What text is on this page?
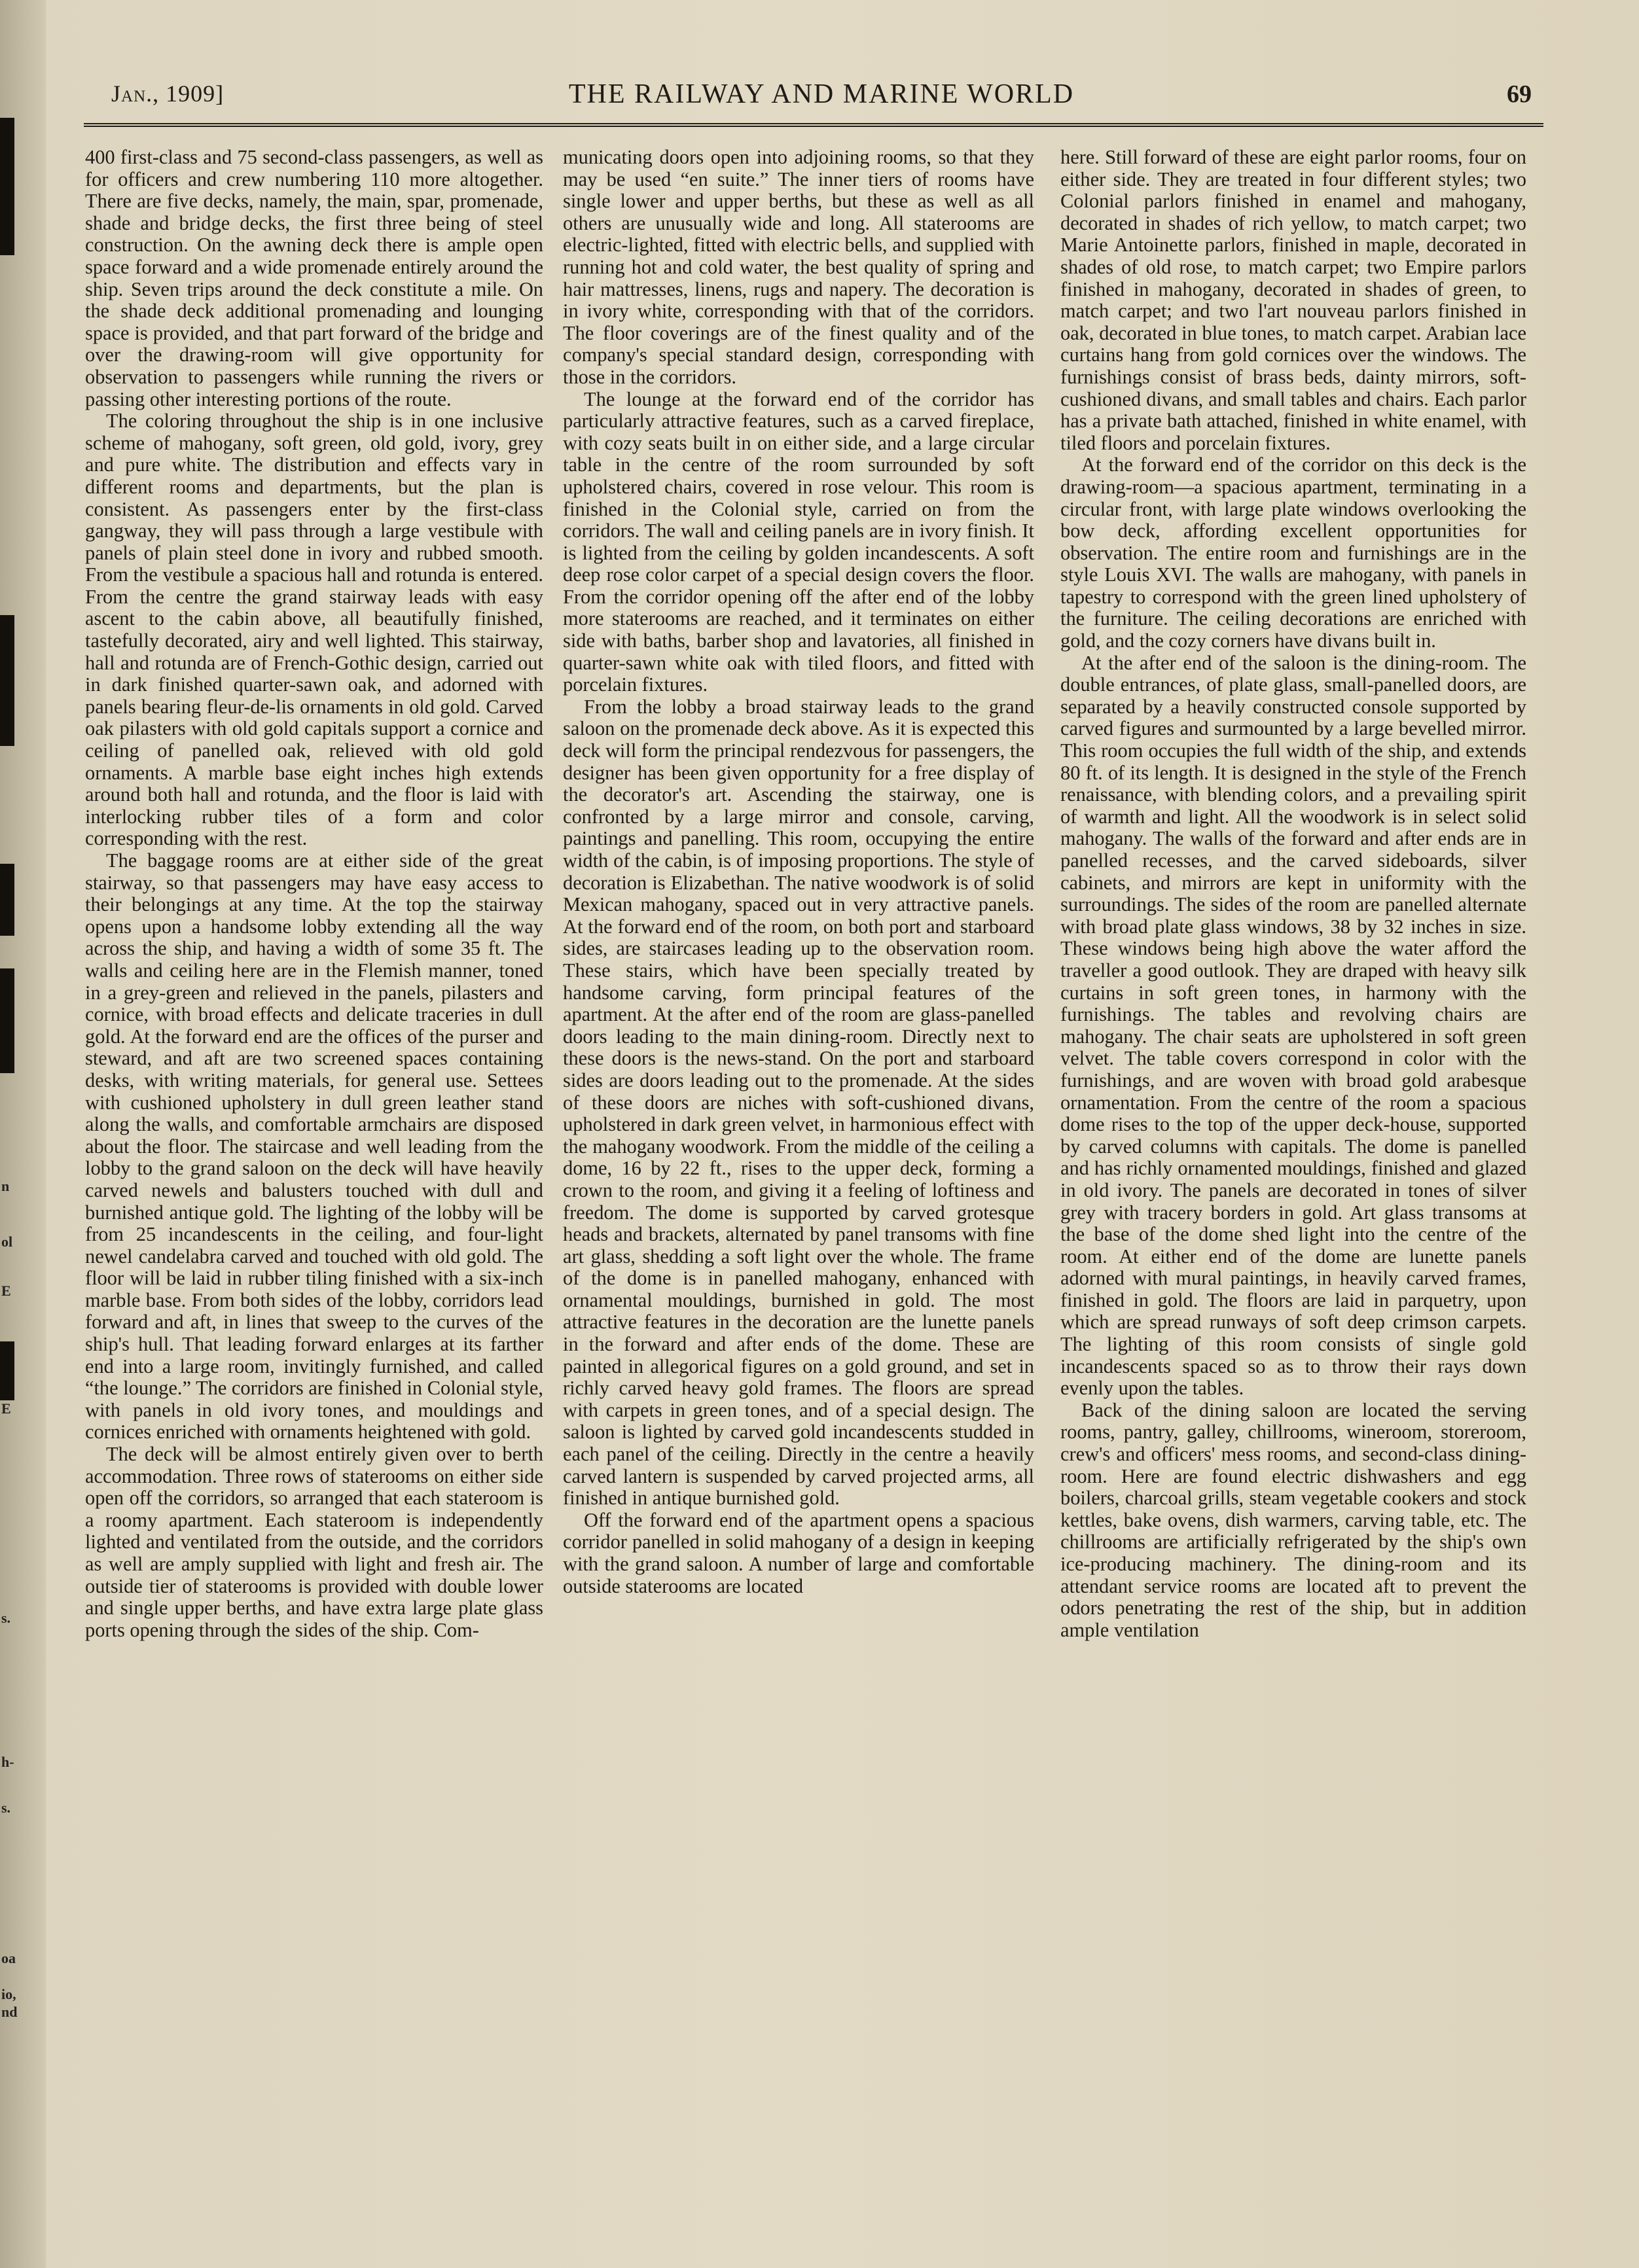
n
ol
E
E
s.
h-
s.
oa
io,
nd
Jan., 1909]	THE RAILWAY AND MARINE WORLD	69

400 first-class and 75 second-class passengers, as well as for officers and crew numbering 110 more altogether. There are five decks, namely, the main, spar, promenade, shade and bridge decks, the first three being of steel construction. On the awning deck there is ample open space forward and a wide promenade entirely around the ship. Seven trips around the deck constitute a mile. On the shade deck additional promenading and lounging space is provided, and that part forward of the bridge and over the drawing-room will give opportunity for observation to passengers while running the rivers or passing other interesting portions of the route.

The coloring throughout the ship is in one inclusive scheme of mahogany, soft green, old gold, ivory, grey and pure white. The distribution and effects vary in different rooms and departments, but the plan is consistent. As passengers enter by the first-class gangway, they will pass through a large vestibule with panels of plain steel done in ivory and rubbed smooth. From the vestibule a spacious hall and rotunda is entered. From the centre the grand stairway leads with easy ascent to the cabin above, all beautifully finished, tastefully decorated, airy and well lighted. This stairway, hall and rotunda are of French-Gothic design, carried out in dark finished quarter-sawn oak, and adorned with panels bearing fleur-de-lis ornaments in old gold. Carved oak pilasters with old gold capitals support a cornice and ceiling of panelled oak, relieved with old gold ornaments. A marble base eight inches high extends around both hall and rotunda, and the floor is laid with interlocking rubber tiles of a form and color corresponding with the rest.

The baggage rooms are at either side of the great stairway, so that passengers may have easy access to their belongings at any time. At the top the stairway opens upon a handsome lobby extending all the way across the ship, and having a width of some 35 ft. The walls and ceiling here are in the Flemish manner, toned in a grey-green and relieved in the panels, pilasters and cornice, with broad effects and delicate traceries in dull gold. At the forward end are the offices of the purser and steward, and aft are two screened spaces containing desks, with writing materials, for general use. Settees with cushioned upholstery in dull green leather stand along the walls, and comfortable armchairs are disposed about the floor. The staircase and well leading from the lobby to the grand saloon on the deck will have heavily carved newels and balusters touched with dull and burnished antique gold. The lighting of the lobby will be from 25 incandescents in the ceiling, and four-light newel candelabra carved and touched with old gold. The floor will be laid in rubber tiling finished with a six-inch marble base. From both sides of the lobby, corridors lead forward and aft, in lines that sweep to the curves of the ship's hull. That leading forward enlarges at its farther end into a large room, invitingly furnished, and called “the lounge.” The corridors are finished in Colonial style, with panels in old ivory tones, and mouldings and cornices enriched with ornaments heightened with gold.

The deck will be almost entirely given over to berth accommodation. Three rows of staterooms on either side open off the corridors, so arranged that each stateroom is a roomy apartment. Each stateroom is independently lighted and ventilated from the outside, and the corridors as well are amply supplied with light and fresh air. The outside tier of staterooms is provided with double lower and single upper berths, and have extra large plate glass ports opening through the sides of the ship. Com-

municating doors open into adjoining rooms, so that they may be used “en suite.” The inner tiers of rooms have single lower and upper berths, but these as well as all others are unusually wide and long. All staterooms are electric-lighted, fitted with electric bells, and supplied with running hot and cold water, the best quality of spring and hair mattresses, linens, rugs and napery. The decoration is in ivory white, corresponding with that of the corridors. The floor coverings are of the finest quality and of the company's special standard design, corresponding with those in the corridors.

The lounge at the forward end of the corridor has particularly attractive features, such as a carved fireplace, with cozy seats built in on either side, and a large circular table in the centre of the room surrounded by soft upholstered chairs, covered in rose velour. This room is finished in the Colonial style, carried on from the corridors. The wall and ceiling panels are in ivory finish. It is lighted from the ceiling by golden incandescents. A soft deep rose color carpet of a special design covers the floor. From the corridor opening off the after end of the lobby more staterooms are reached, and it terminates on either side with baths, barber shop and lavatories, all finished in quarter-sawn white oak with tiled floors, and fitted with porcelain fixtures.

From the lobby a broad stairway leads to the grand saloon on the promenade deck above. As it is expected this deck will form the principal rendezvous for passengers, the designer has been given opportunity for a free display of the decorator's art. Ascending the stairway, one is confronted by a large mirror and console, carving, paintings and panelling. This room, occupying the entire width of the cabin, is of imposing proportions. The style of decoration is Elizabethan. The native woodwork is of solid Mexican mahogany, spaced out in very attractive panels. At the forward end of the room, on both port and starboard sides, are staircases leading up to the observation room. These stairs, which have been specially treated by handsome carving, form principal features of the apartment. At the after end of the room are glass-panelled doors leading to the main dining-room. Directly next to these doors is the news-stand. On the port and starboard sides are doors leading out to the promenade. At the sides of these doors are niches with soft-cushioned divans, upholstered in dark green velvet, in harmonious effect with the mahogany woodwork. From the middle of the ceiling a dome, 16 by 22 ft., rises to the upper deck, forming a crown to the room, and giving it a feeling of loftiness and freedom. The dome is supported by carved grotesque heads and brackets, alternated by panel transoms with fine art glass, shedding a soft light over the whole. The frame of the dome is in panelled mahogany, enhanced with ornamental mouldings, burnished in gold. The most attractive features in the decoration are the lunette panels in the forward and after ends of the dome. These are painted in allegorical figures on a gold ground, and set in richly carved heavy gold frames. The floors are spread with carpets in green tones, and of a special design. The saloon is lighted by carved gold incandescents studded in each panel of the ceiling. Directly in the centre a heavily carved lantern is suspended by carved projected arms, all finished in antique burnished gold.

Off the forward end of the apartment opens a spacious corridor panelled in solid mahogany of a design in keeping with the grand saloon. A number of large and comfortable outside staterooms are located

here. Still forward of these are eight parlor rooms, four on either side. They are treated in four different styles; two Colonial parlors finished in enamel and mahogany, decorated in shades of rich yellow, to match carpet; two Marie Antoinette parlors, finished in maple, decorated in shades of old rose, to match carpet; two Empire parlors finished in mahogany, decorated in shades of green, to match carpet; and two l'art nouveau parlors finished in oak, decorated in blue tones, to match carpet. Arabian lace curtains hang from gold cornices over the windows. The furnishings consist of brass beds, dainty mirrors, soft-cushioned divans, and small tables and chairs. Each parlor has a private bath attached, finished in white enamel, with tiled floors and porcelain fixtures.

At the forward end of the corridor on this deck is the drawing-room—a spacious apartment, terminating in a circular front, with large plate windows overlooking the bow deck, affording excellent opportunities for observation. The entire room and furnishings are in the style Louis XVI. The walls are mahogany, with panels in tapestry to correspond with the green lined upholstery of the furniture. The ceiling decorations are enriched with gold, and the cozy corners have divans built in.

At the after end of the saloon is the dining-room. The double entrances, of plate glass, small-panelled doors, are separated by a heavily constructed console supported by carved figures and surmounted by a large bevelled mirror. This room occupies the full width of the ship, and extends 80 ft. of its length. It is designed in the style of the French renaissance, with blending colors, and a prevailing spirit of warmth and light. All the woodwork is in select solid mahogany. The walls of the forward and after ends are in panelled recesses, and the carved sideboards, silver cabinets, and mirrors are kept in uniformity with the surroundings. The sides of the room are panelled alternate with broad plate glass windows, 38 by 32 inches in size. These windows being high above the water afford the traveller a good outlook. They are draped with heavy silk curtains in soft green tones, in harmony with the furnishings. The tables and revolving chairs are mahogany. The chair seats are upholstered in soft green velvet. The table covers correspond in color with the furnishings, and are woven with broad gold arabesque ornamentation. From the centre of the room a spacious dome rises to the top of the upper deck-house, supported by carved columns with capitals. The dome is panelled and has richly ornamented mouldings, finished and glazed in old ivory. The panels are decorated in tones of silver grey with tracery borders in gold. Art glass transoms at the base of the dome shed light into the centre of the room. At either end of the dome are lunette panels adorned with mural paintings, in heavily carved frames, finished in gold. The floors are laid in parquetry, upon which are spread runways of soft deep crimson carpets. The lighting of this room consists of single gold incandescents spaced so as to throw their rays down evenly upon the tables.

Back of the dining saloon are located the serving rooms, pantry, galley, chillrooms, wineroom, storeroom, crew's and officers' mess rooms, and second-class dining-room. Here are found electric dishwashers and egg boilers, charcoal grills, steam vegetable cookers and stock kettles, bake ovens, dish warmers, carving table, etc. The chillrooms are artificially refrigerated by the ship's own ice-producing machinery. The dining-room and its attendant service rooms are located aft to prevent the odors penetrating the rest of the ship, but in addition ample ventilation
